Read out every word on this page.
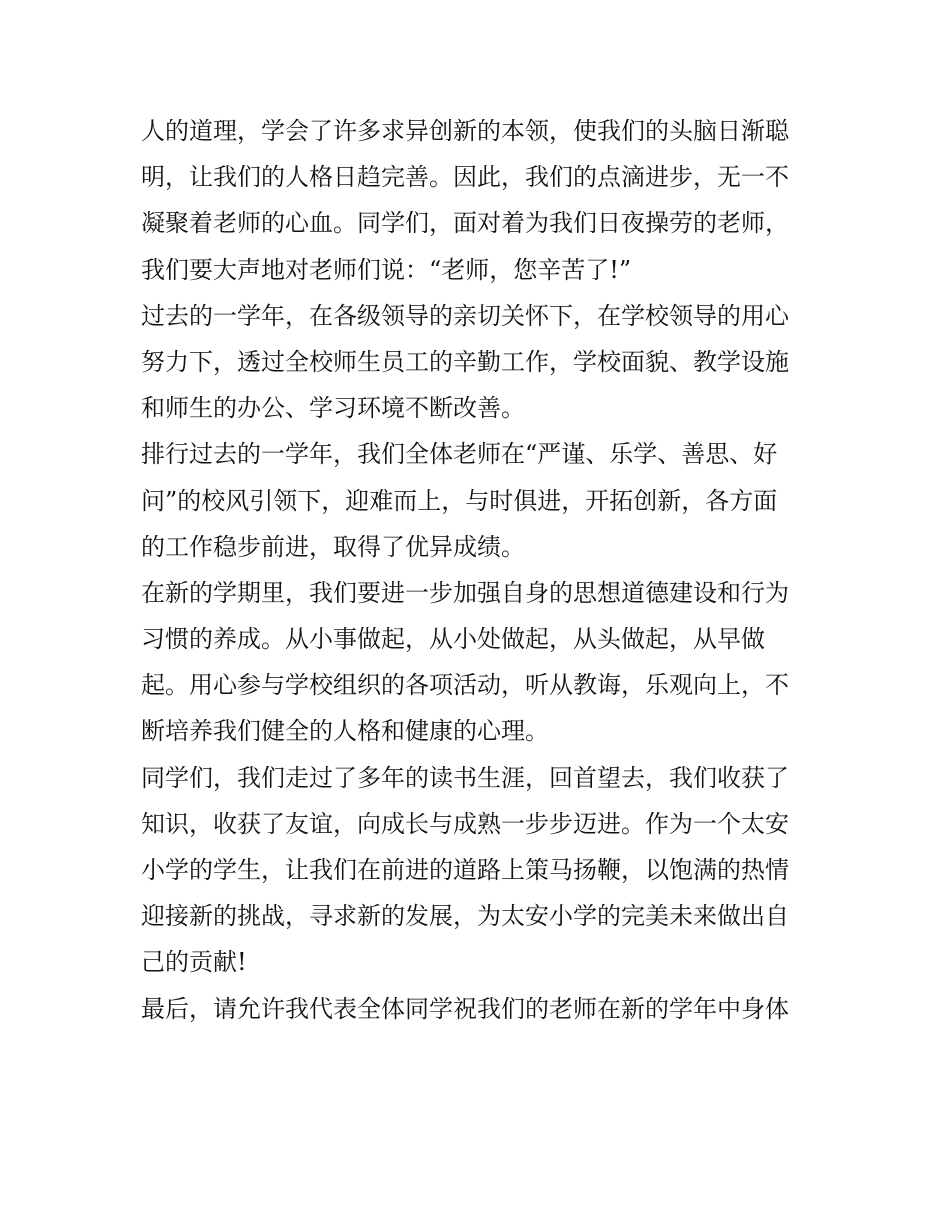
人的道理，学会了许多求异创新的本领，使我们的头脑日渐聪
明，让我们的人格日趋完善。因此，我们的点滴进步，无一不
凝聚着老师的心血。同学们，面对着为我们日夜操劳的老师，
我们要大声地对老师们说：“老师，您辛苦了!”
过去的一学年，在各级领导的亲切关怀下，在学校领导的用心
努力下，透过全校师生员工的辛勤工作，学校面貌、教学设施
和师生的办公、学习环境不断改善。
排行过去的一学年，我们全体老师在“严谨、乐学、善思、好
问”的校风引领下，迎难而上，与时俱进，开拓创新，各方面
的工作稳步前进，取得了优异成绩。
在新的学期里，我们要进一步加强自身的思想道德建设和行为
习惯的养成。从小事做起，从小处做起，从头做起，从早做
起。用心参与学校组织的各项活动，听从教诲，乐观向上，不
断培养我们健全的人格和健康的心理。
同学们，我们走过了多年的读书生涯，回首望去，我们收获了
知识，收获了友谊，向成长与成熟一步步迈进。作为一个太安
小学的学生，让我们在前进的道路上策马扬鞭，以饱满的热情
迎接新的挑战，寻求新的发展，为太安小学的完美未来做出自
己的贡献!
最后，请允许我代表全体同学祝我们的老师在新的学年中身体
